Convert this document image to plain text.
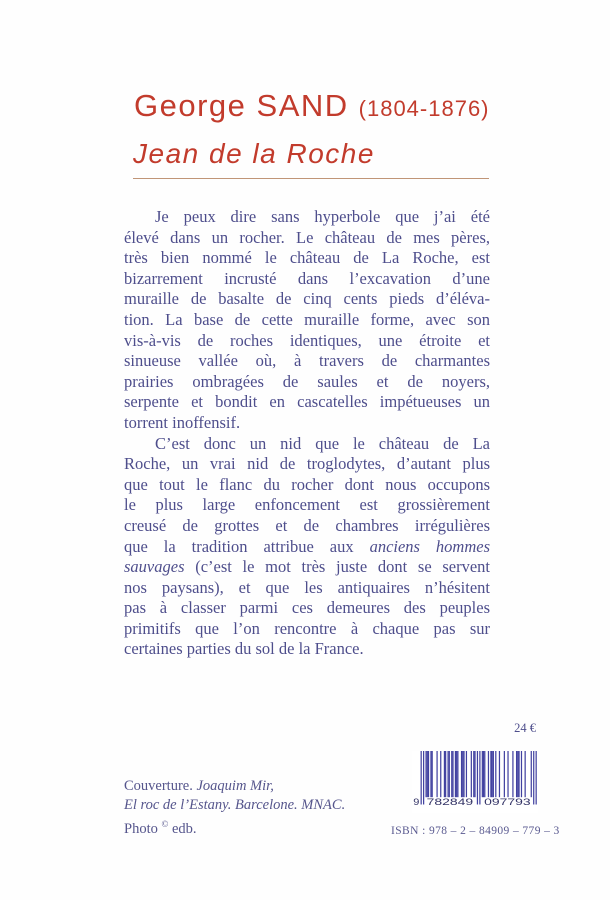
George SAND (1804-1876)
Jean de la Roche
Je peux dire sans hyperbole que j’ai été
élevé dans un rocher. Le château de mes pères,
très bien nommé le château de La Roche, est
bizarrement incrusté dans l’excavation d’une
muraille de basalte de cinq cents pieds d’éléva-
tion. La base de cette muraille forme, avec son
vis-à-vis de roches identiques, une étroite et
sinueuse vallée où, à travers de charmantes
prairies ombragées de saules et de noyers,
serpente et bondit en cascatelles impétueuses un
torrent inoffensif.
C’est donc un nid que le château de La
Roche, un vrai nid de troglodytes, d’autant plus
que tout le flanc du rocher dont nous occupons
le plus large enfoncement est grossièrement
creusé de grottes et de chambres irrégulières
que la tradition attribue aux anciens hommes
sauvages (c’est le mot très juste dont se servent
nos paysans), et que les antiquaires n’hésitent
pas à classer parmi ces demeures des peuples
primitifs que l’on rencontre à chaque pas sur
certaines parties du sol de la France.
24 €
9 782849 097793
ISBN : 978 – 2 – 84909 – 779 – 3
Couverture. Joaquim Mir,
El roc de l’Estany. Barcelone. MNAC.
Photo © edb.
